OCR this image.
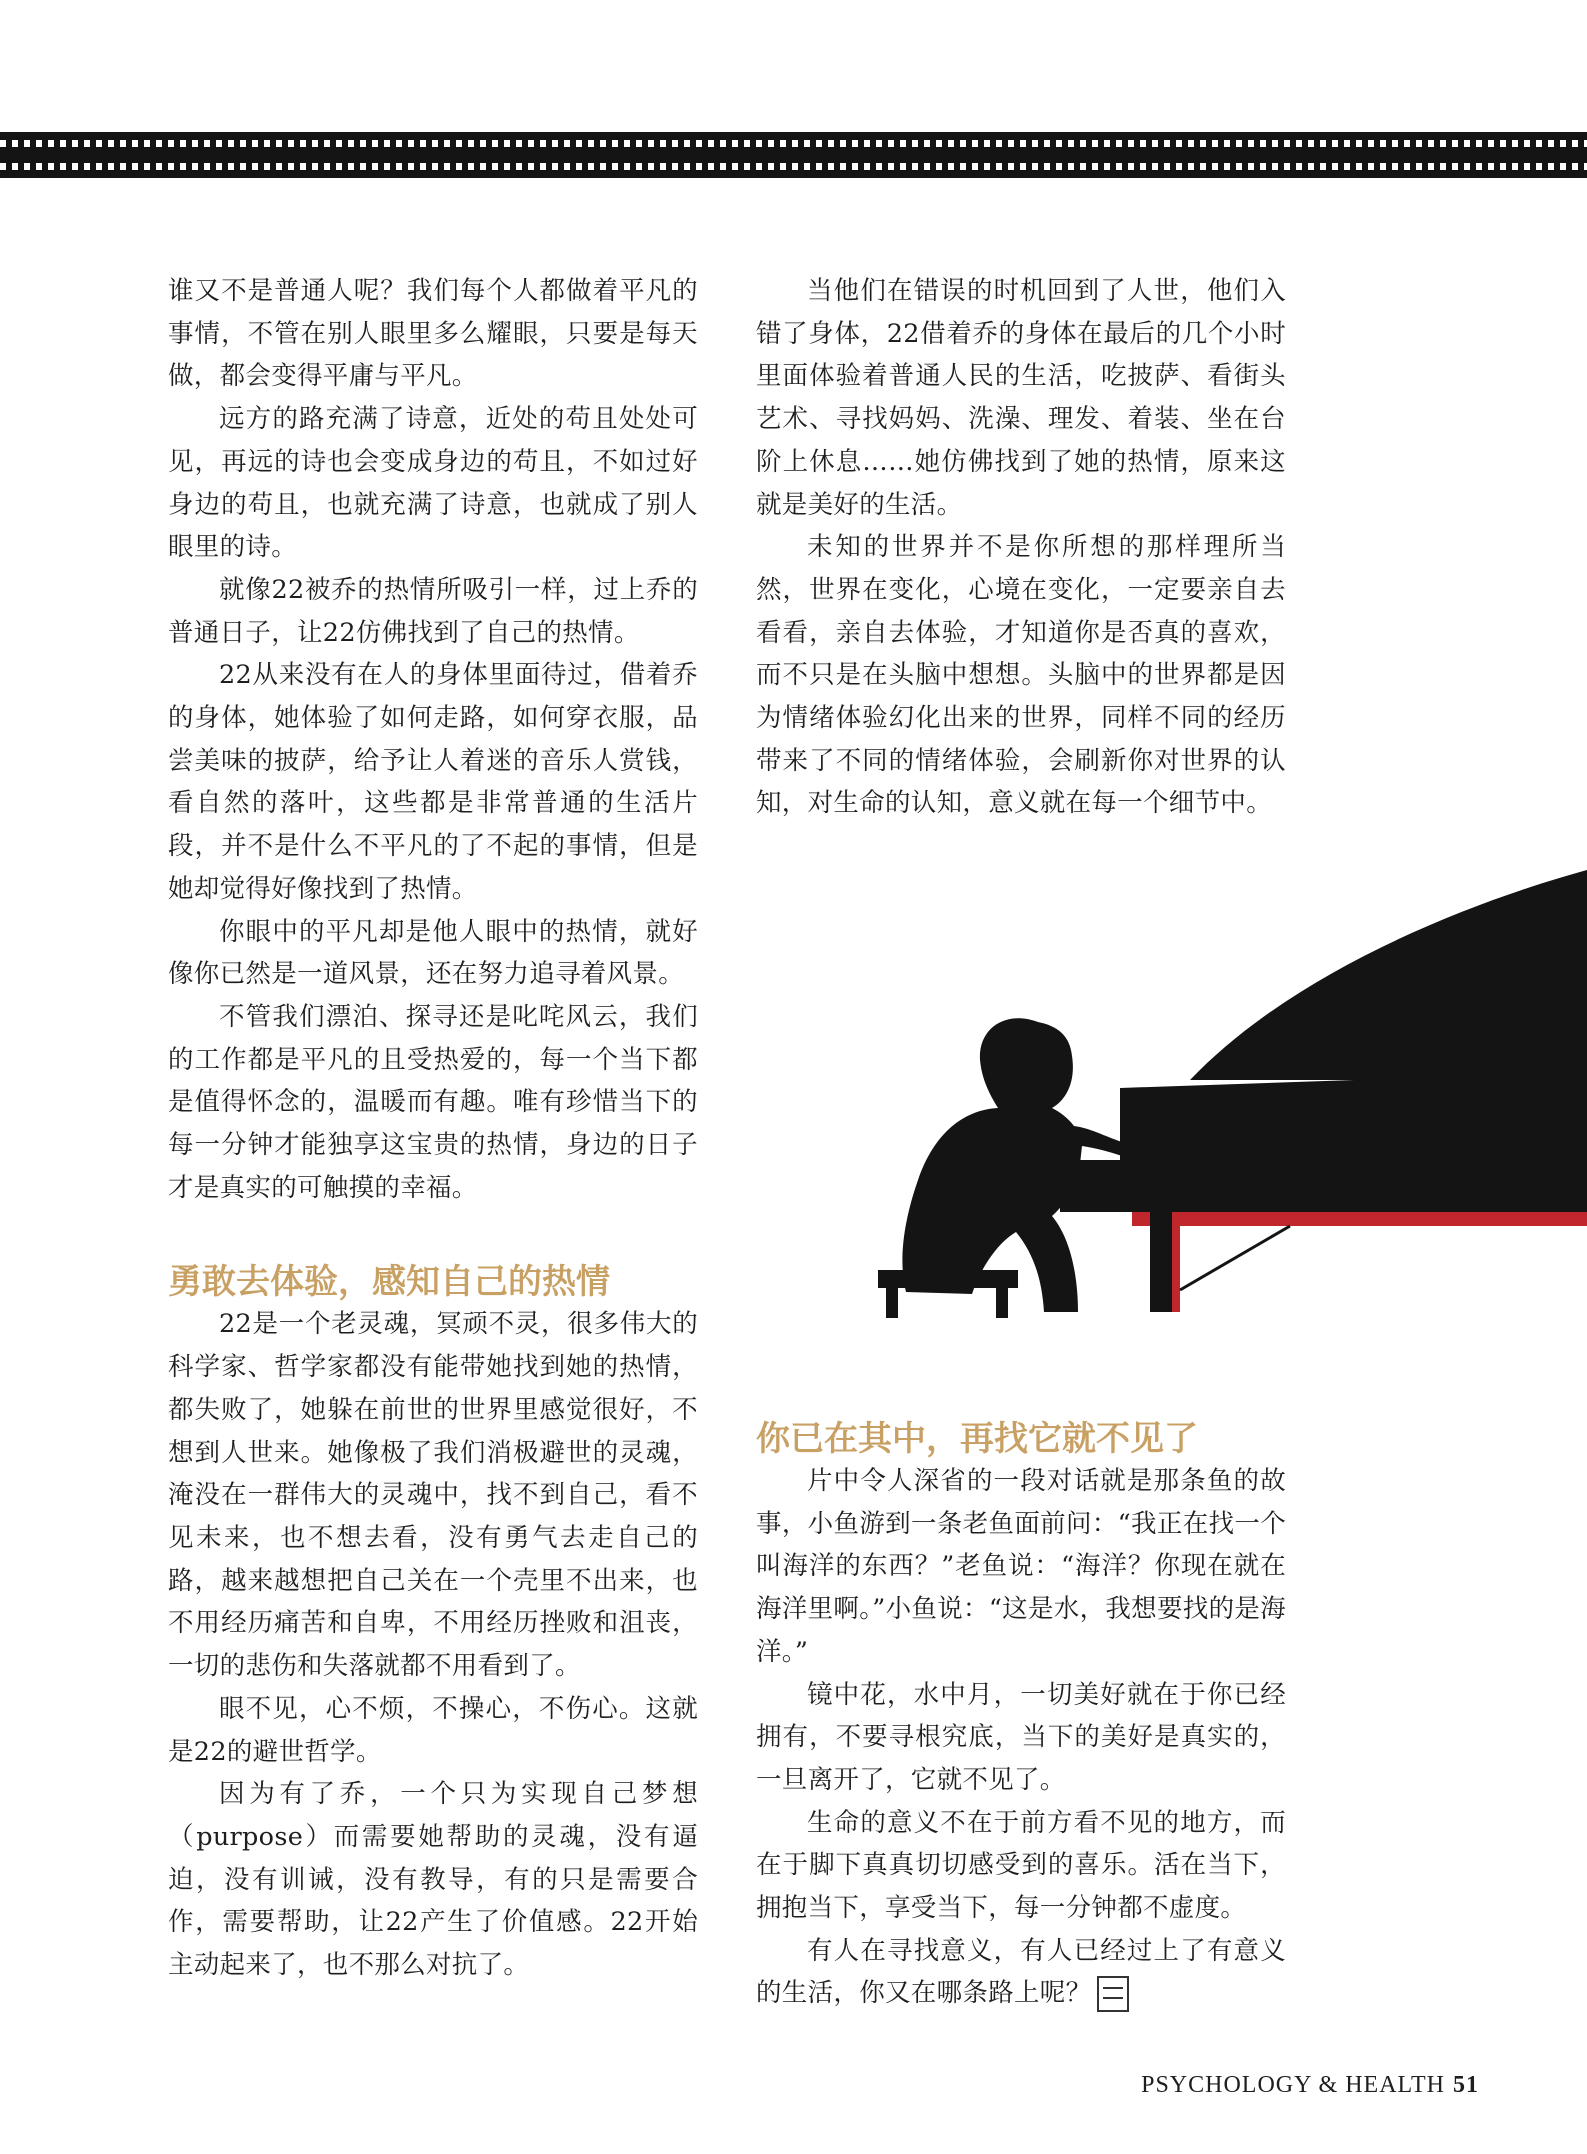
谁又不是普通人呢？我们每个人都做着平凡的事情，不管在别人眼里多么耀眼，只要是每天做，都会变得平庸与平凡。

远方的路充满了诗意，近处的苟且处处可见，再远的诗也会变成身边的苟且，不如过好身边的苟且，也就充满了诗意，也就成了别人眼里的诗。

就像22被乔的热情所吸引一样，过上乔的普通日子，让22仿佛找到了自己的热情。

22从来没有在人的身体里面待过，借着乔的身体，她体验了如何走路，如何穿衣服，品尝美味的披萨，给予让人着迷的音乐人赏钱，看自然的落叶，这些都是非常普通的生活片段，并不是什么不平凡的了不起的事情，但是她却觉得好像找到了热情。

你眼中的平凡却是他人眼中的热情，就好像你已然是一道风景，还在努力追寻着风景。

不管我们漂泊、探寻还是叱咤风云，我们的工作都是平凡的且受热爱的，每一个当下都是值得怀念的，温暖而有趣。唯有珍惜当下的每一分钟才能独享这宝贵的热情，身边的日子才是真实的可触摸的幸福。

勇敢去体验，感知自己的热情

22是一个老灵魂，冥顽不灵，很多伟大的科学家、哲学家都没有能带她找到她的热情，都失败了，她躲在前世的世界里感觉很好，不想到人世来。她像极了我们消极避世的灵魂，淹没在一群伟大的灵魂中，找不到自己，看不见未来，也不想去看，没有勇气去走自己的路，越来越想把自己关在一个壳里不出来，也不用经历痛苦和自卑，不用经历挫败和沮丧，一切的悲伤和失落就都不用看到了。

眼不见，心不烦，不操心，不伤心。这就是22的避世哲学。

因为有了乔，一个只为实现自己梦想（purpose）而需要她帮助的灵魂，没有逼迫，没有训诫，没有教导，有的只是需要合作，需要帮助，让22产生了价值感。22开始主动起来了，也不那么对抗了。

当他们在错误的时机回到了人世，他们入错了身体，22借着乔的身体在最后的几个小时里面体验着普通人民的生活，吃披萨、看街头艺术、寻找妈妈、洗澡、理发、着装、坐在台阶上休息……她仿佛找到了她的热情，原来这就是美好的生活。

未知的世界并不是你所想的那样理所当然，世界在变化，心境在变化，一定要亲自去看看，亲自去体验，才知道你是否真的喜欢，而不只是在头脑中想想。头脑中的世界都是因为情绪体验幻化出来的世界，同样不同的经历带来了不同的情绪体验，会刷新你对世界的认知，对生命的认知，意义就在每一个细节中。

你已在其中，再找它就不见了

片中令人深省的一段对话就是那条鱼的故事，小鱼游到一条老鱼面前问：“我正在找一个叫海洋的东西？”老鱼说：“海洋？你现在就在海洋里啊。”小鱼说：“这是水，我想要找的是海洋。”

镜中花，水中月，一切美好就在于你已经拥有，不要寻根究底，当下的美好是真实的，一旦离开了，它就不见了。

生命的意义不在于前方看不见的地方，而在于脚下真真切切感受到的喜乐。活在当下，拥抱当下，享受当下，每一分钟都不虚度。

有人在寻找意义，有人已经过上了有意义的生活，你又在哪条路上呢？

PSYCHOLOGY & HEALTH 51
